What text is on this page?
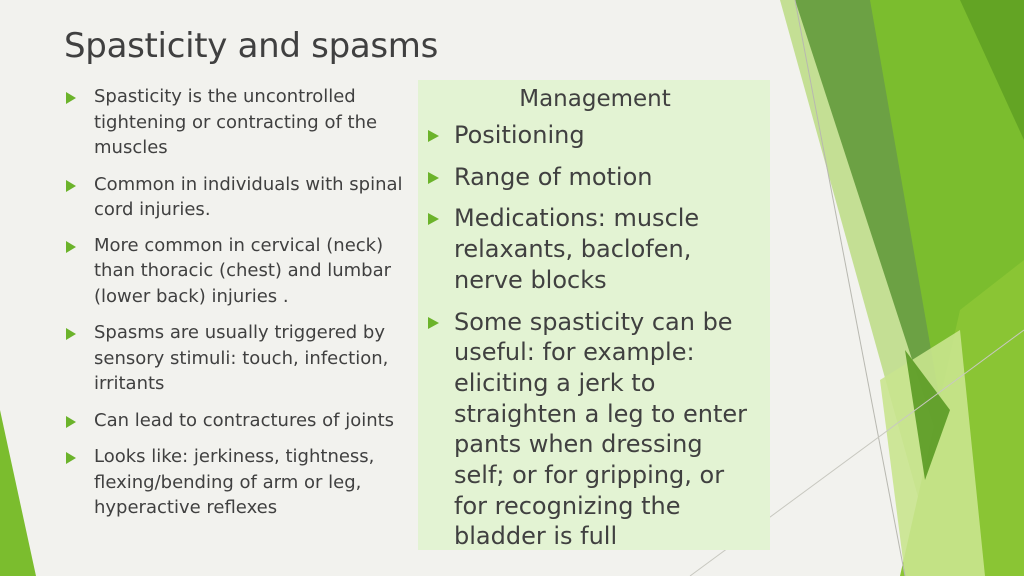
Spasticity and spasms
Spasticity is the uncontrolled tightening or contracting of the muscles
Common in individuals with spinal cord injuries.
More common in cervical (neck) than thoracic (chest) and lumbar (lower back) injuries .
Spasms are usually triggered by sensory stimuli: touch, infection, irritants
Can lead to contractures of joints
Looks like: jerkiness, tightness, flexing/bending of arm or leg, hyperactive reflexes
Management
Positioning
Range of motion
Medications: muscle relaxants, baclofen, nerve blocks
Some spasticity can be useful: for example: eliciting a jerk to straighten a leg to enter pants when dressing self; or for gripping, or for recognizing the bladder is full
